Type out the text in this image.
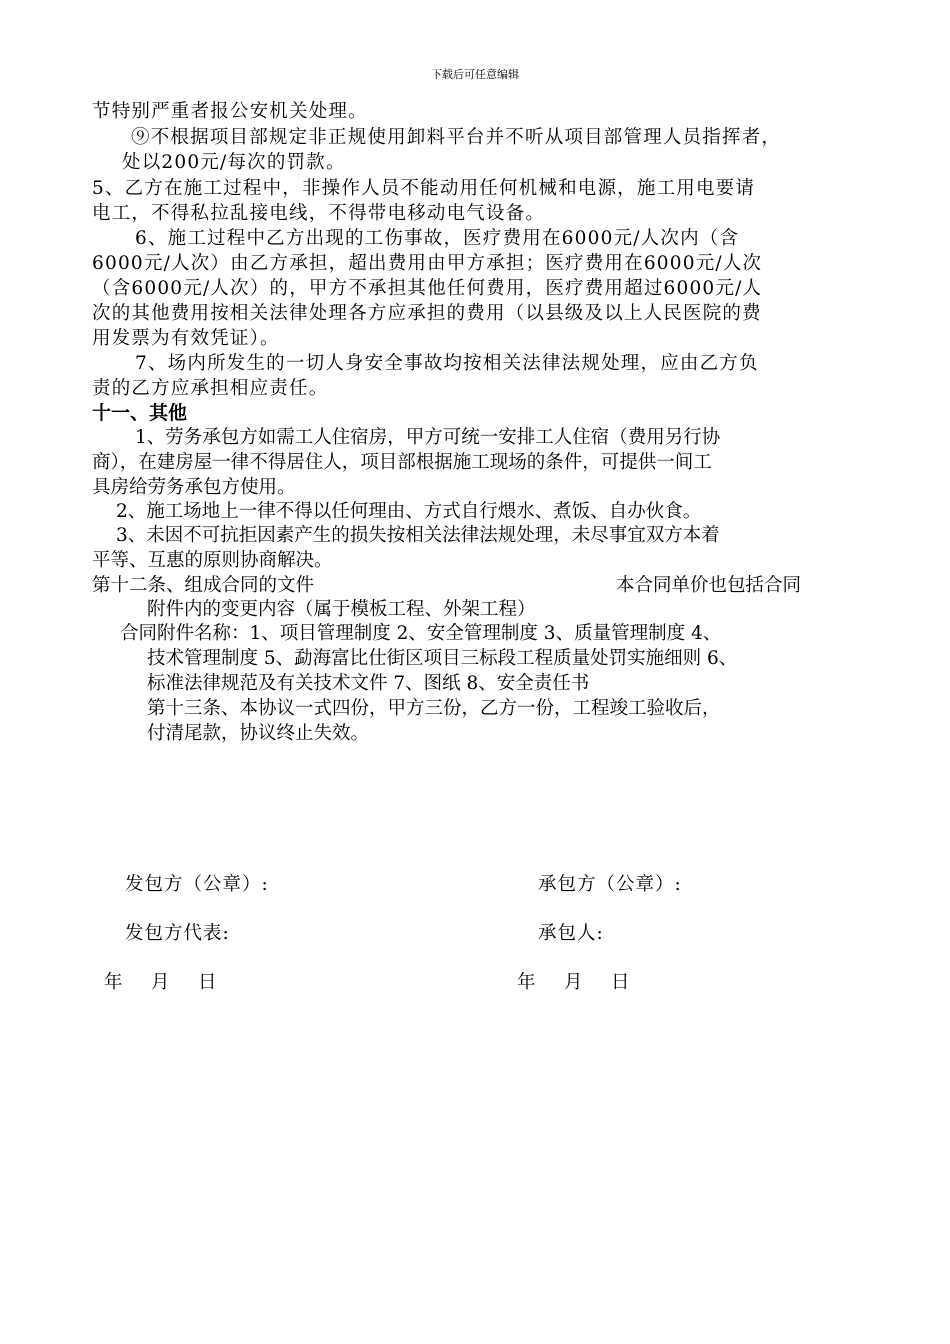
下载后可任意编辑
节特别严重者报公安机关处理。
⑨不根据项目部规定非正规使用卸料平台并不听从项目部管理人员指挥者，
处以200元/每次的罚款。
5、乙方在施工过程中，非操作人员不能动用任何机械和电源，施工用电要请
电工，不得私拉乱接电线，不得带电移动电气设备。
6、施工过程中乙方出现的工伤事故，医疗费用在6000元/人次内（含
6000元/人次）由乙方承担，超出费用由甲方承担；医疗费用在6000元/人次
（含6000元/人次）的，甲方不承担其他任何费用，医疗费用超过6000元/人
次的其他费用按相关法律处理各方应承担的费用（以县级及以上人民医院的费
用发票为有效凭证）。
7、场内所发生的一切人身安全事故均按相关法律法规处理，应由乙方负
责的乙方应承担相应责任。
十一、其他
1、劳务承包方如需工人住宿房，甲方可统一安排工人住宿（费用另行协
商），在建房屋一律不得居住人，项目部根据施工现场的条件，可提供一间工
具房给劳务承包方使用。
2、施工场地上一律不得以任何理由、方式自行煨水、煮饭、自办伙食。
3、未因不可抗拒因素产生的损失按相关法律法规处理，未尽事宜双方本着
平等、互惠的原则协商解决。
第十二条、组成合同的文件	本合同单价也包括合同
附件内的变更内容（属于模板工程、外架工程）
合同附件名称：1、项目管理制度 2、安全管理制度 3、质量管理制度 4、
技术管理制度 5、勐海富比仕街区项目三标段工程质量处罚实施细则 6、
标准法律规范及有关技术文件 7、图纸 8、安全责任书
第十三条、本协议一式四份，甲方三份，乙方一份，工程竣工验收后，
付清尾款，协议终止失效。
发包方（公章）:	承包方（公章）:
发包方代表:	承包人:
年    月    日	年    月    日
